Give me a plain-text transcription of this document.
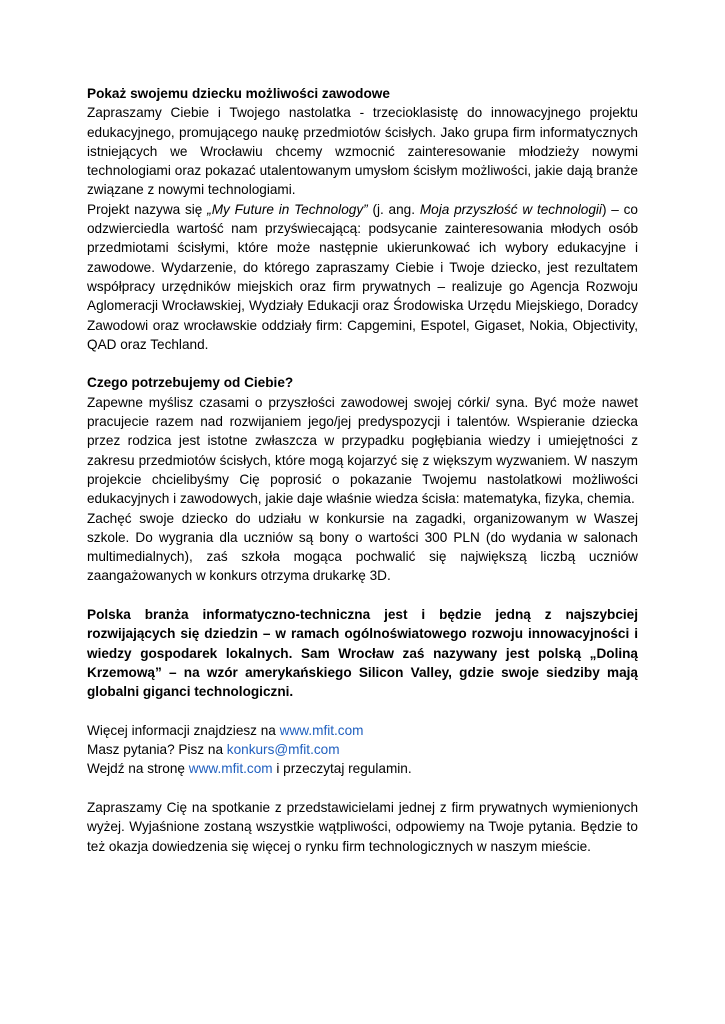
Pokaż swojemu dziecku możliwości zawodowe

Zapraszamy Ciebie i Twojego nastolatka - trzecioklasistę do innowacyjnego projektu edukacyjnego, promującego naukę przedmiotów ścisłych. Jako grupa firm informatycznych istniejących we Wrocławiu chcemy wzmocnić zainteresowanie młodzieży nowymi technologiami oraz pokazać utalentowanym umysłom ścisłym możliwości, jakie dają branże związane z nowymi technologiami.

Projekt nazywa się „My Future in Technology” (j. ang. Moja przyszłość w technologii) – co odzwierciedla wartość nam przyświecającą: podsycanie zainteresowania młodych osób przedmiotami ścisłymi, które może następnie ukierunkować ich wybory edukacyjne i zawodowe. Wydarzenie, do którego zapraszamy Ciebie i Twoje dziecko, jest rezultatem współpracy urzędników miejskich oraz firm prywatnych – realizuje go Agencja Rozwoju Aglomeracji Wrocławskiej, Wydziały Edukacji oraz Środowiska Urzędu Miejskiego, Doradcy Zawodowi oraz wrocławskie oddziały firm: Capgemini, Espotel, Gigaset, Nokia, Objectivity, QAD oraz Techland.

Czego potrzebujemy od Ciebie?

Zapewne myślisz czasami o przyszłości zawodowej swojej córki/ syna. Być może nawet pracujecie razem nad rozwijaniem jego/jej predyspozycji i talentów. Wspieranie dziecka przez rodzica jest istotne zwłaszcza w przypadku pogłębiania wiedzy i umiejętności z zakresu przedmiotów ścisłych, które mogą kojarzyć się z większym wyzwaniem. W naszym projekcie chcielibyśmy Cię poprosić o pokazanie Twojemu nastolatkowi możliwości edukacyjnych i zawodowych, jakie daje właśnie wiedza ścisła: matematyka, fizyka, chemia.

Zachęć swoje dziecko do udziału w konkursie na zagadki, organizowanym w Waszej szkole. Do wygrania dla uczniów są bony o wartości 300 PLN (do wydania w salonach multimedialnych), zaś szkoła mogąca pochwalić się największą liczbą uczniów zaangażowanych w konkurs otrzyma drukarkę 3D.

Polska branża informatyczno-techniczna jest i będzie jedną z najszybciej rozwijających się dziedzin – w ramach ogólnoświatowego rozwoju innowacyjności i wiedzy gospodarek lokalnych. Sam Wrocław zaś nazywany jest polską „Doliną Krzemową” – na wzór amerykańskiego Silicon Valley, gdzie swoje siedziby mają globalni giganci technologiczni.

Więcej informacji znajdziesz na www.mfit.com

Masz pytania? Pisz na konkurs@mfit.com

Wejdź na stronę www.mfit.com i przeczytaj regulamin.

Zapraszamy Cię na spotkanie z przedstawicielami jednej z firm prywatnych wymienionych wyżej. Wyjaśnione zostaną wszystkie wątpliwości, odpowiemy na Twoje pytania. Będzie to też okazja dowiedzenia się więcej o rynku firm technologicznych w naszym mieście.
